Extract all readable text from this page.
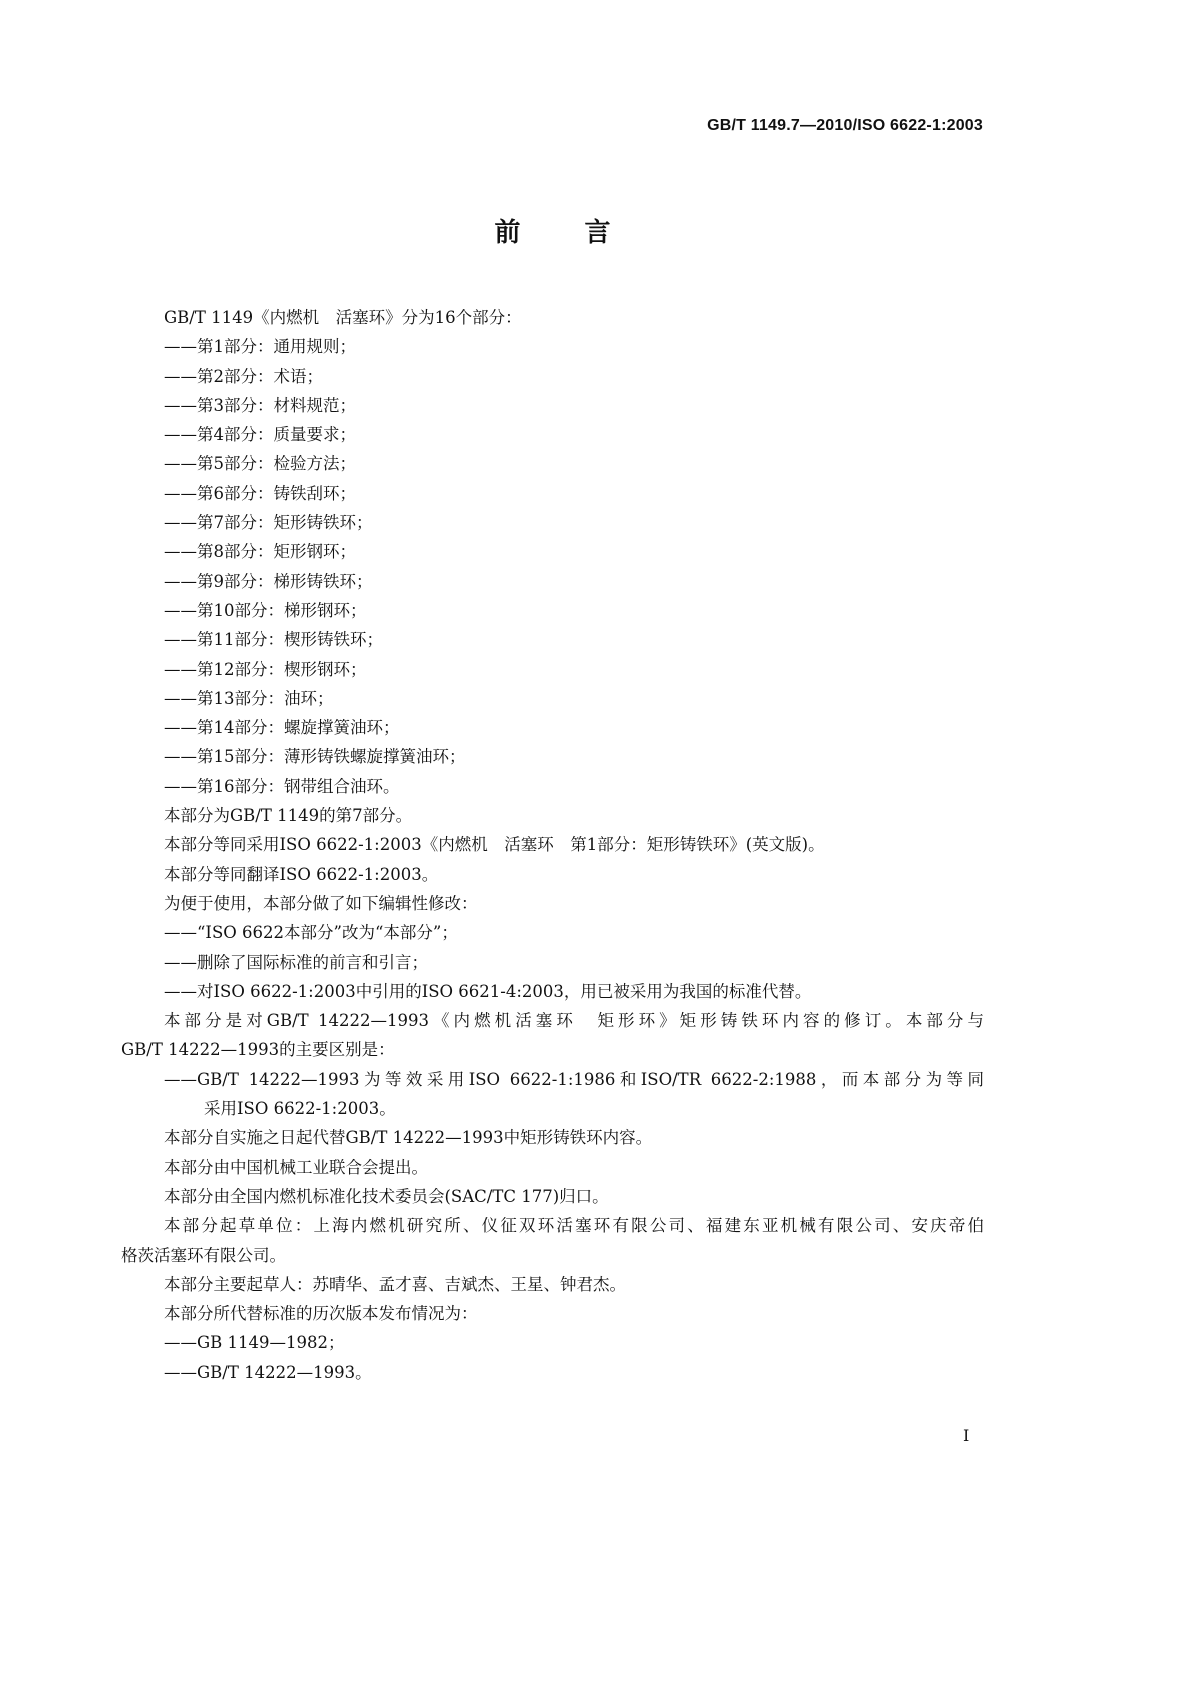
GB/T 1149.7—2010/ISO 6622-1:2003
前 言
GB/T 1149《内燃机　活塞环》分为16个部分：
——第1部分：通用规则；
——第2部分：术语；
——第3部分：材料规范；
——第4部分：质量要求；
——第5部分：检验方法；
——第6部分：铸铁刮环；
——第7部分：矩形铸铁环；
——第8部分：矩形钢环；
——第9部分：梯形铸铁环；
——第10部分：梯形钢环；
——第11部分：楔形铸铁环；
——第12部分：楔形钢环；
——第13部分：油环；
——第14部分：螺旋撑簧油环；
——第15部分：薄形铸铁螺旋撑簧油环；
——第16部分：钢带组合油环。
本部分为GB/T 1149的第7部分。
本部分等同采用ISO 6622-1:2003《内燃机　活塞环　第1部分：矩形铸铁环》(英文版)。
本部分等同翻译ISO 6622-1:2003。
为便于使用，本部分做了如下编辑性修改：
——“ISO 6622本部分”改为“本部分”；
——删除了国际标准的前言和引言；
——对ISO 6622-1:2003中引用的ISO 6621-4:2003，用已被采用为我国的标准代替。
本部分是对GB/T 14222—1993《内燃机活塞环　矩形环》矩形铸铁环内容的修订。本部分与
GB/T 14222—1993的主要区别是：
——GB/T 14222—1993为等效采用ISO 6622-1:1986和ISO/TR 6622-2:1988，而本部分为等同
采用ISO 6622-1:2003。
本部分自实施之日起代替GB/T 14222—1993中矩形铸铁环内容。
本部分由中国机械工业联合会提出。
本部分由全国内燃机标准化技术委员会(SAC/TC 177)归口。
本部分起草单位：上海内燃机研究所、仪征双环活塞环有限公司、福建东亚机械有限公司、安庆帝伯
格茨活塞环有限公司。
本部分主要起草人：苏晴华、孟才喜、吉斌杰、王星、钟君杰。
本部分所代替标准的历次版本发布情况为：
——GB 1149—1982；
——GB/T 14222—1993。
I
